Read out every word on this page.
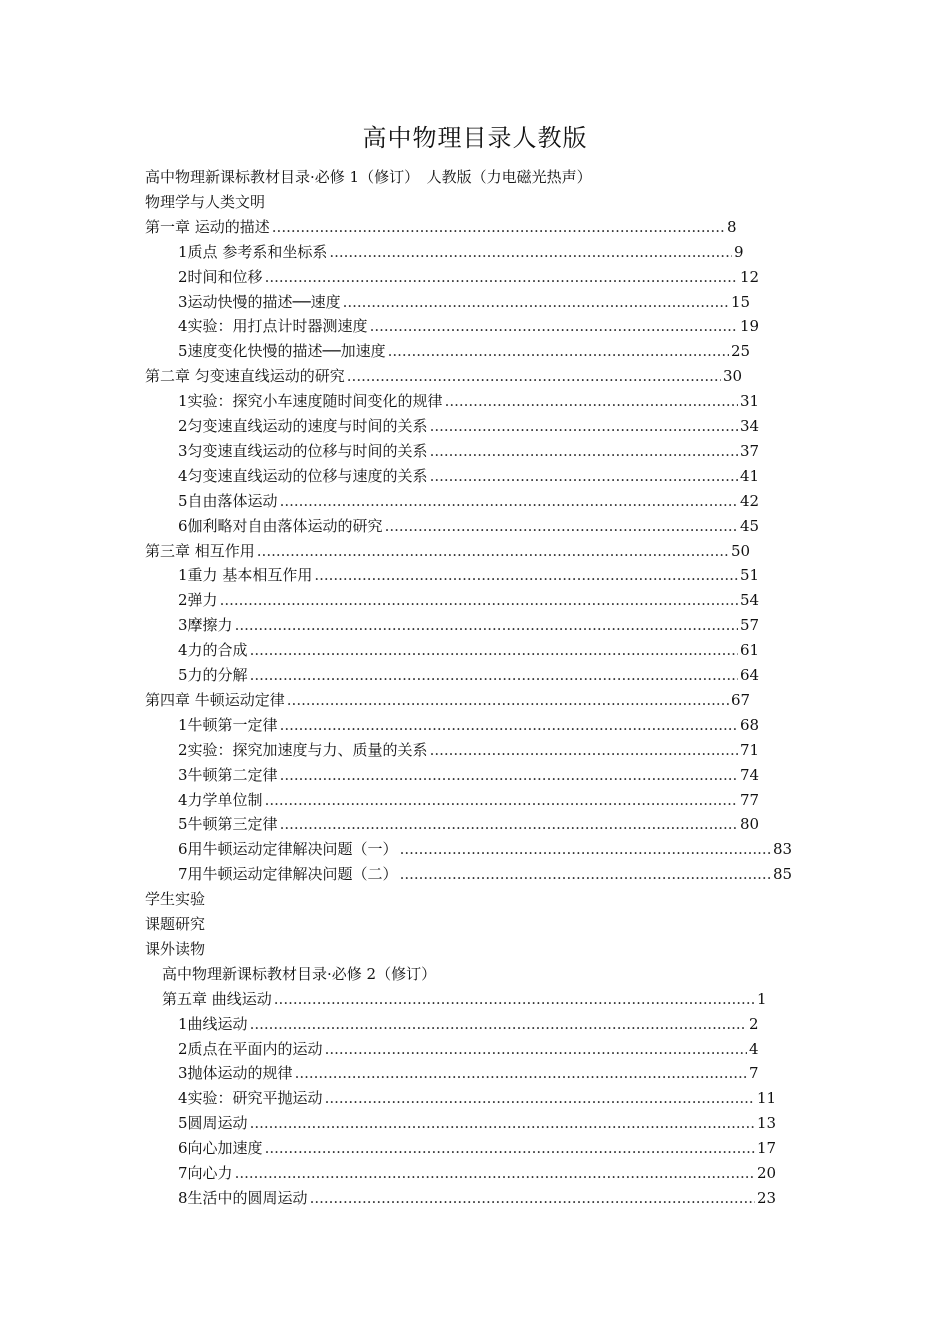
高中物理目录人教版
高中物理新课标教材目录·必修 1（修订）　人教版（力电磁光热声）
物理学与人类文明
第一章 运动的描述 .....	8
1 质点 参考系和坐标系 .....	9
2 时间和位移 .....	12
3 运动快慢的描述──速度 .....	15
4 实验：用打点计时器测速度 .....	19
5 速度变化快慢的描述──加速度 .....	25
第二章 匀变速直线运动的研究 .....	30
1 实验：探究小车速度随时间变化的规律 .....	31
2 匀变速直线运动的速度与时间的关系 .....	34
3 匀变速直线运动的位移与时间的关系 .....	37
4 匀变速直线运动的位移与速度的关系 .....	41
5 自由落体运动 .....	42
6 伽利略对自由落体运动的研究 .....	45
第三章 相互作用 .....	50
1 重力 基本相互作用 .....	51
2 弹力 .....	54
3 摩擦力 .....	57
4 力的合成 .....	61
5 力的分解 .....	64
第四章 牛顿运动定律 .....	67
1 牛顿第一定律 .....	68
2 实验：探究加速度与力、质量的关系 .....	71
3 牛顿第二定律 .....	74
4 力学单位制 .....	77
5 牛顿第三定律 .....	80
6 用牛顿运动定律解决问题（一） .....	83
7 用牛顿运动定律解决问题（二） .....	85
学生实验
课题研究
课外读物
高中物理新课标教材目录·必修 2（修订）
第五章 曲线运动 .....	1
1 曲线运动 .....	2
2 质点在平面内的运动 .....	4
3 抛体运动的规律 .....	7
4 实验：研究平抛运动 .....	11
5 圆周运动 .....	13
6 向心加速度 .....	17
7 向心力 .....	20
8 生活中的圆周运动 .....	23
